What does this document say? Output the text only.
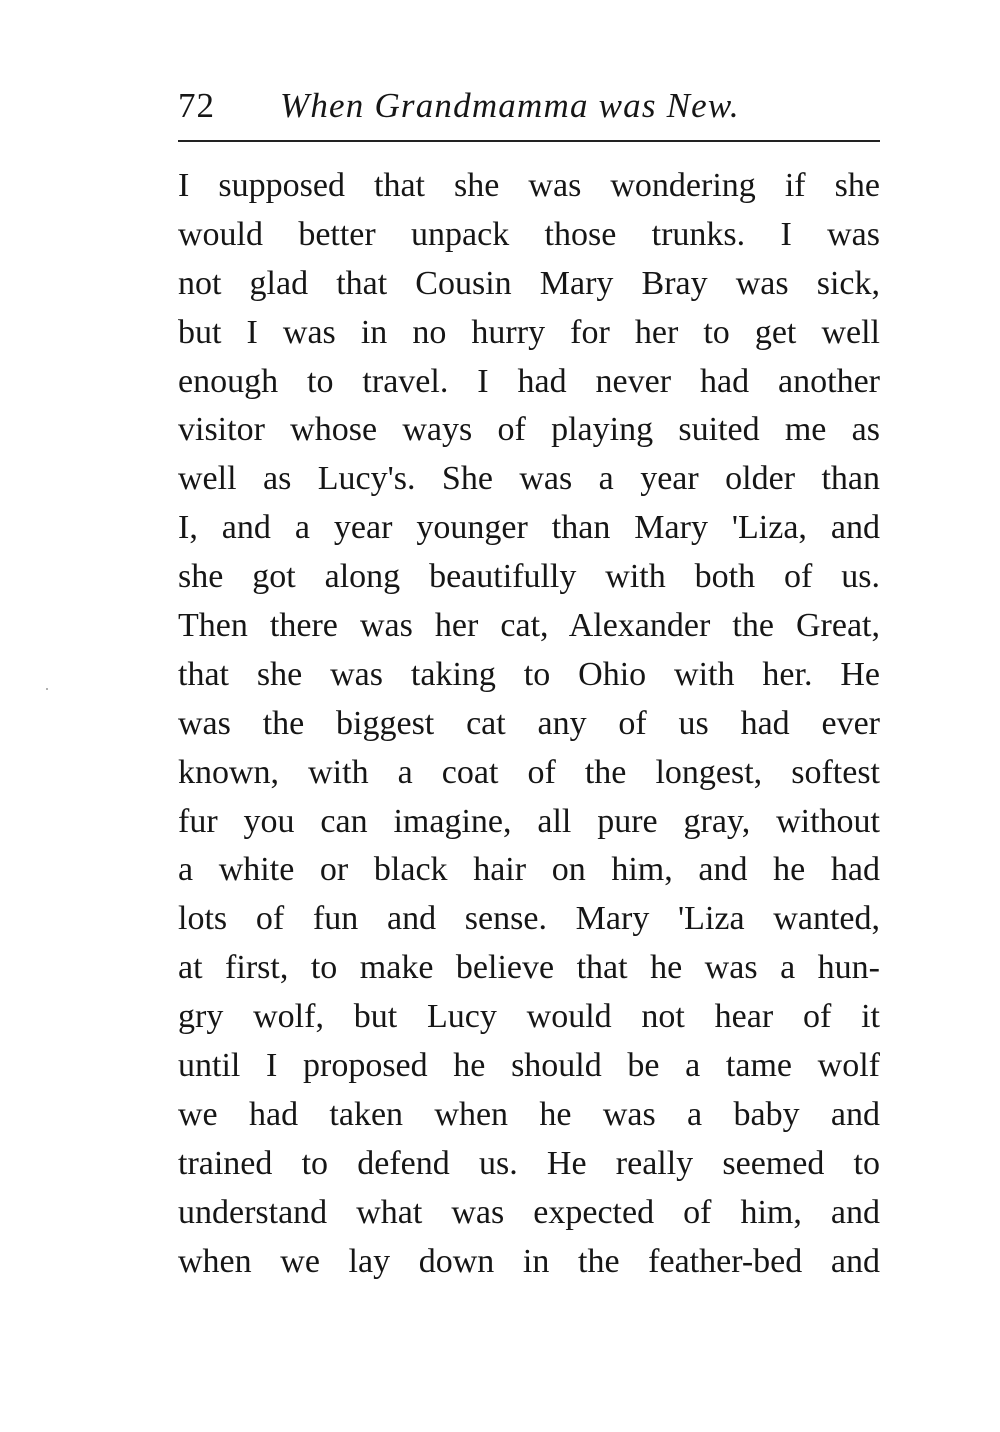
72 When Grandmamma was New.
I supposed that she was wondering if she
would better unpack those trunks. I was
not glad that Cousin Mary Bray was sick,
but I was in no hurry for her to get well
enough to travel. I had never had another
visitor whose ways of playing suited me as
well as Lucy's. She was a year older than
I, and a year younger than Mary 'Liza, and
she got along beautifully with both of us.
Then there was her cat, Alexander the Great,
that she was taking to Ohio with her. He
was the biggest cat any of us had ever
known, with a coat of the longest, softest
fur you can imagine, all pure gray, without
a white or black hair on him, and he had
lots of fun and sense. Mary 'Liza wanted,
at first, to make believe that he was a hun-
gry wolf, but Lucy would not hear of it
until I proposed he should be a tame wolf
we had taken when he was a baby and
trained to defend us. He really seemed to
understand what was expected of him, and
when we lay down in the feather-bed and
